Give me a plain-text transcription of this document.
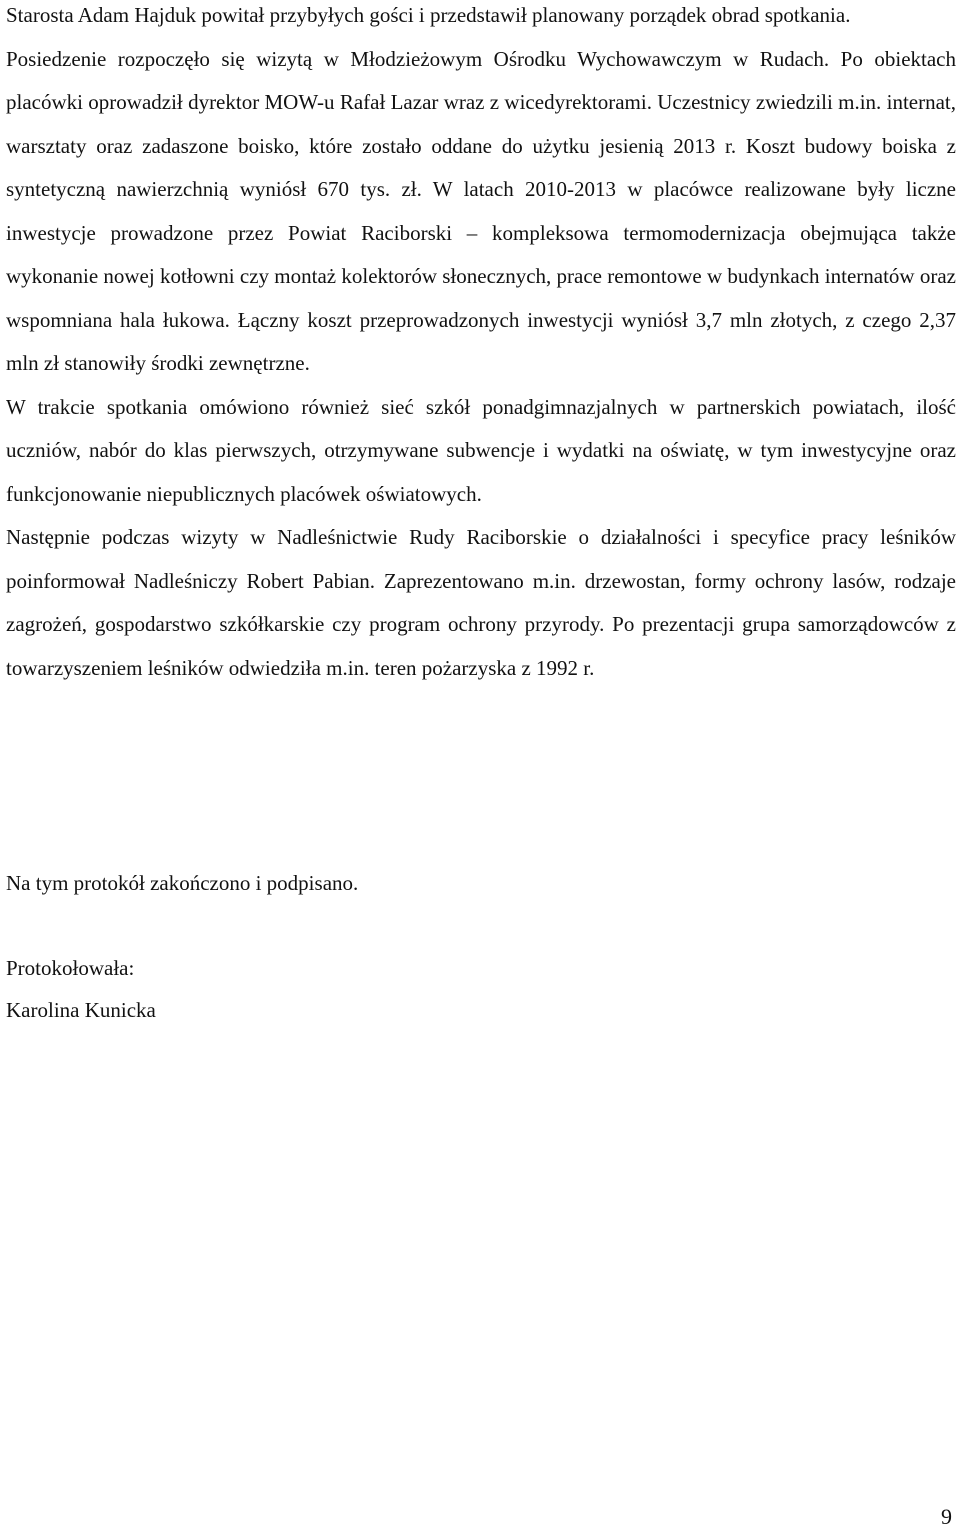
Starosta Adam Hajduk powitał przybyłych gości i przedstawił planowany porządek obrad spotkania.

Posiedzenie rozpoczęło się wizytą w Młodzieżowym Ośrodku Wychowawczym w Rudach. Po obiektach placówki oprowadził dyrektor MOW-u Rafał Lazar wraz z wicedyrektorami. Uczestnicy zwiedzili m.in. internat, warsztaty oraz zadaszone boisko, które zostało oddane do użytku jesienią 2013 r. Koszt budowy boiska z syntetyczną nawierzchnią wyniósł 670 tys. zł. W latach 2010-2013 w placówce realizowane były liczne inwestycje prowadzone przez Powiat Raciborski – kompleksowa termomodernizacja obejmująca także wykonanie nowej kotłowni czy montaż kolektorów słonecznych, prace remontowe w budynkach internatów oraz wspomniana hala łukowa. Łączny koszt przeprowadzonych inwestycji wyniósł 3,7 mln złotych, z czego 2,37 mln zł stanowiły środki zewnętrzne.

W trakcie spotkania omówiono również sieć szkół ponadgimnazjalnych w partnerskich powiatach, ilość uczniów, nabór do klas pierwszych, otrzymywane subwencje i wydatki na oświatę, w tym inwestycyjne oraz funkcjonowanie niepublicznych placówek oświatowych.

Następnie podczas wizyty w Nadleśnictwie Rudy Raciborskie o działalności i specyfice pracy leśników poinformował Nadleśniczy Robert Pabian. Zaprezentowano m.in. drzewostan, formy ochrony lasów, rodzaje zagrożeń, gospodarstwo szkółkarskie czy program ochrony przyrody. Po prezentacji grupa samorządowców z towarzyszeniem leśników odwiedziła m.in. teren pożarzyska z 1992 r.

Na tym protokół zakończono i podpisano.

Protokołowała:

Karolina Kunicka

9
